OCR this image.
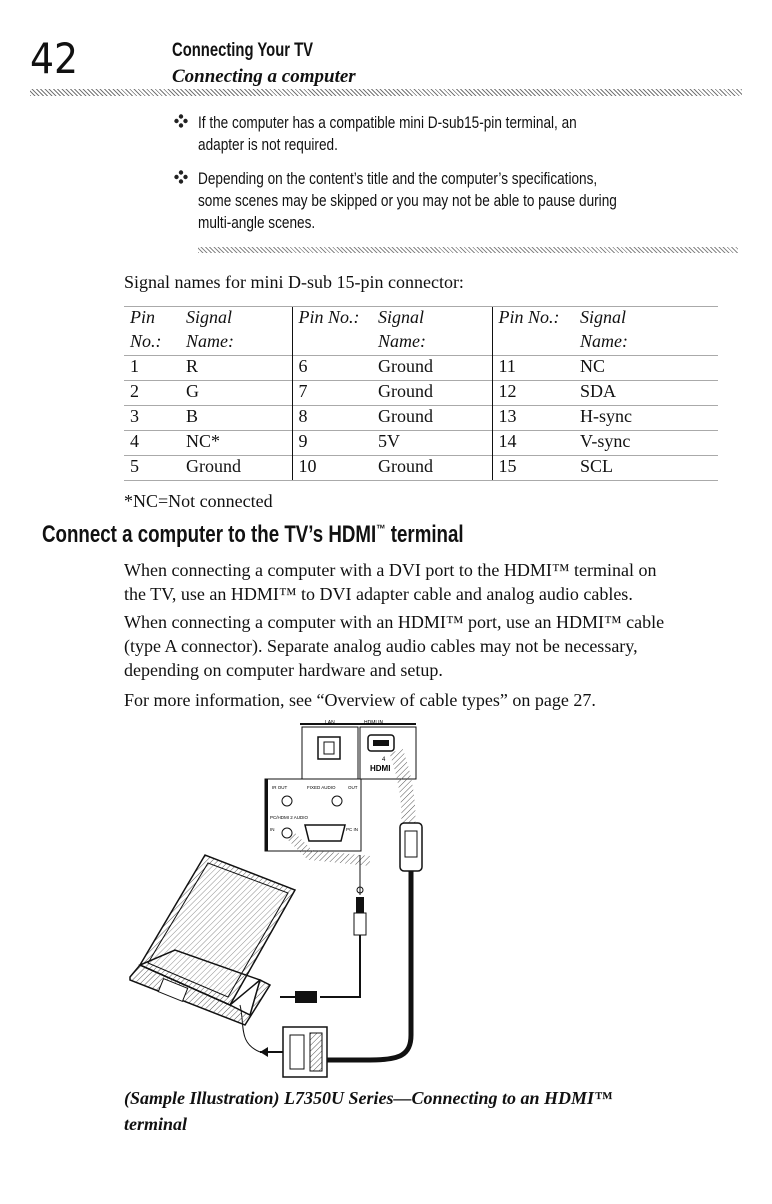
42	Connecting Your TV
Connecting a computer
If the computer has a compatible mini D-sub15-pin terminal, an
adapter is not required.
Depending on the content’s title and the computer’s specifications,
some scenes may be skipped or you may not be able to pause during
multi-angle scenes.
Signal names for mini D-sub 15-pin connector:
Pin	Signal	Pin No.:	Signal	Pin No.:	Signal
No.:	Name:		Name:		Name:
1	R	6	Ground	11	NC
2	G	7	Ground	12	SDA
3	B	8	Ground	13	H-sync
4	NC*	9	5V	14	V-sync
5	Ground	10	Ground	15	SCL
*NC=Not connected
Connect a computer to the TV’s HDMI™ terminal
When connecting a computer with a DVI port to the HDMI™ terminal on
the TV, use an HDMI™ to DVI adapter cable and analog audio cables.
When connecting a computer with an HDMI™ port, use an HDMI™ cable
(type A connector). Separate analog audio cables may not be necessary,
depending on computer hardware and setup.
For more information, see “Overview of cable types” on page 27.
LAN	HDMI IN
4
HDMI
IR OUT	FIXED AUDIO	OUT
PC/HDMI 2 AUDIO
IN	PC IN
(Sample Illustration) L7350U Series—Connecting to an HDMI™
terminal
